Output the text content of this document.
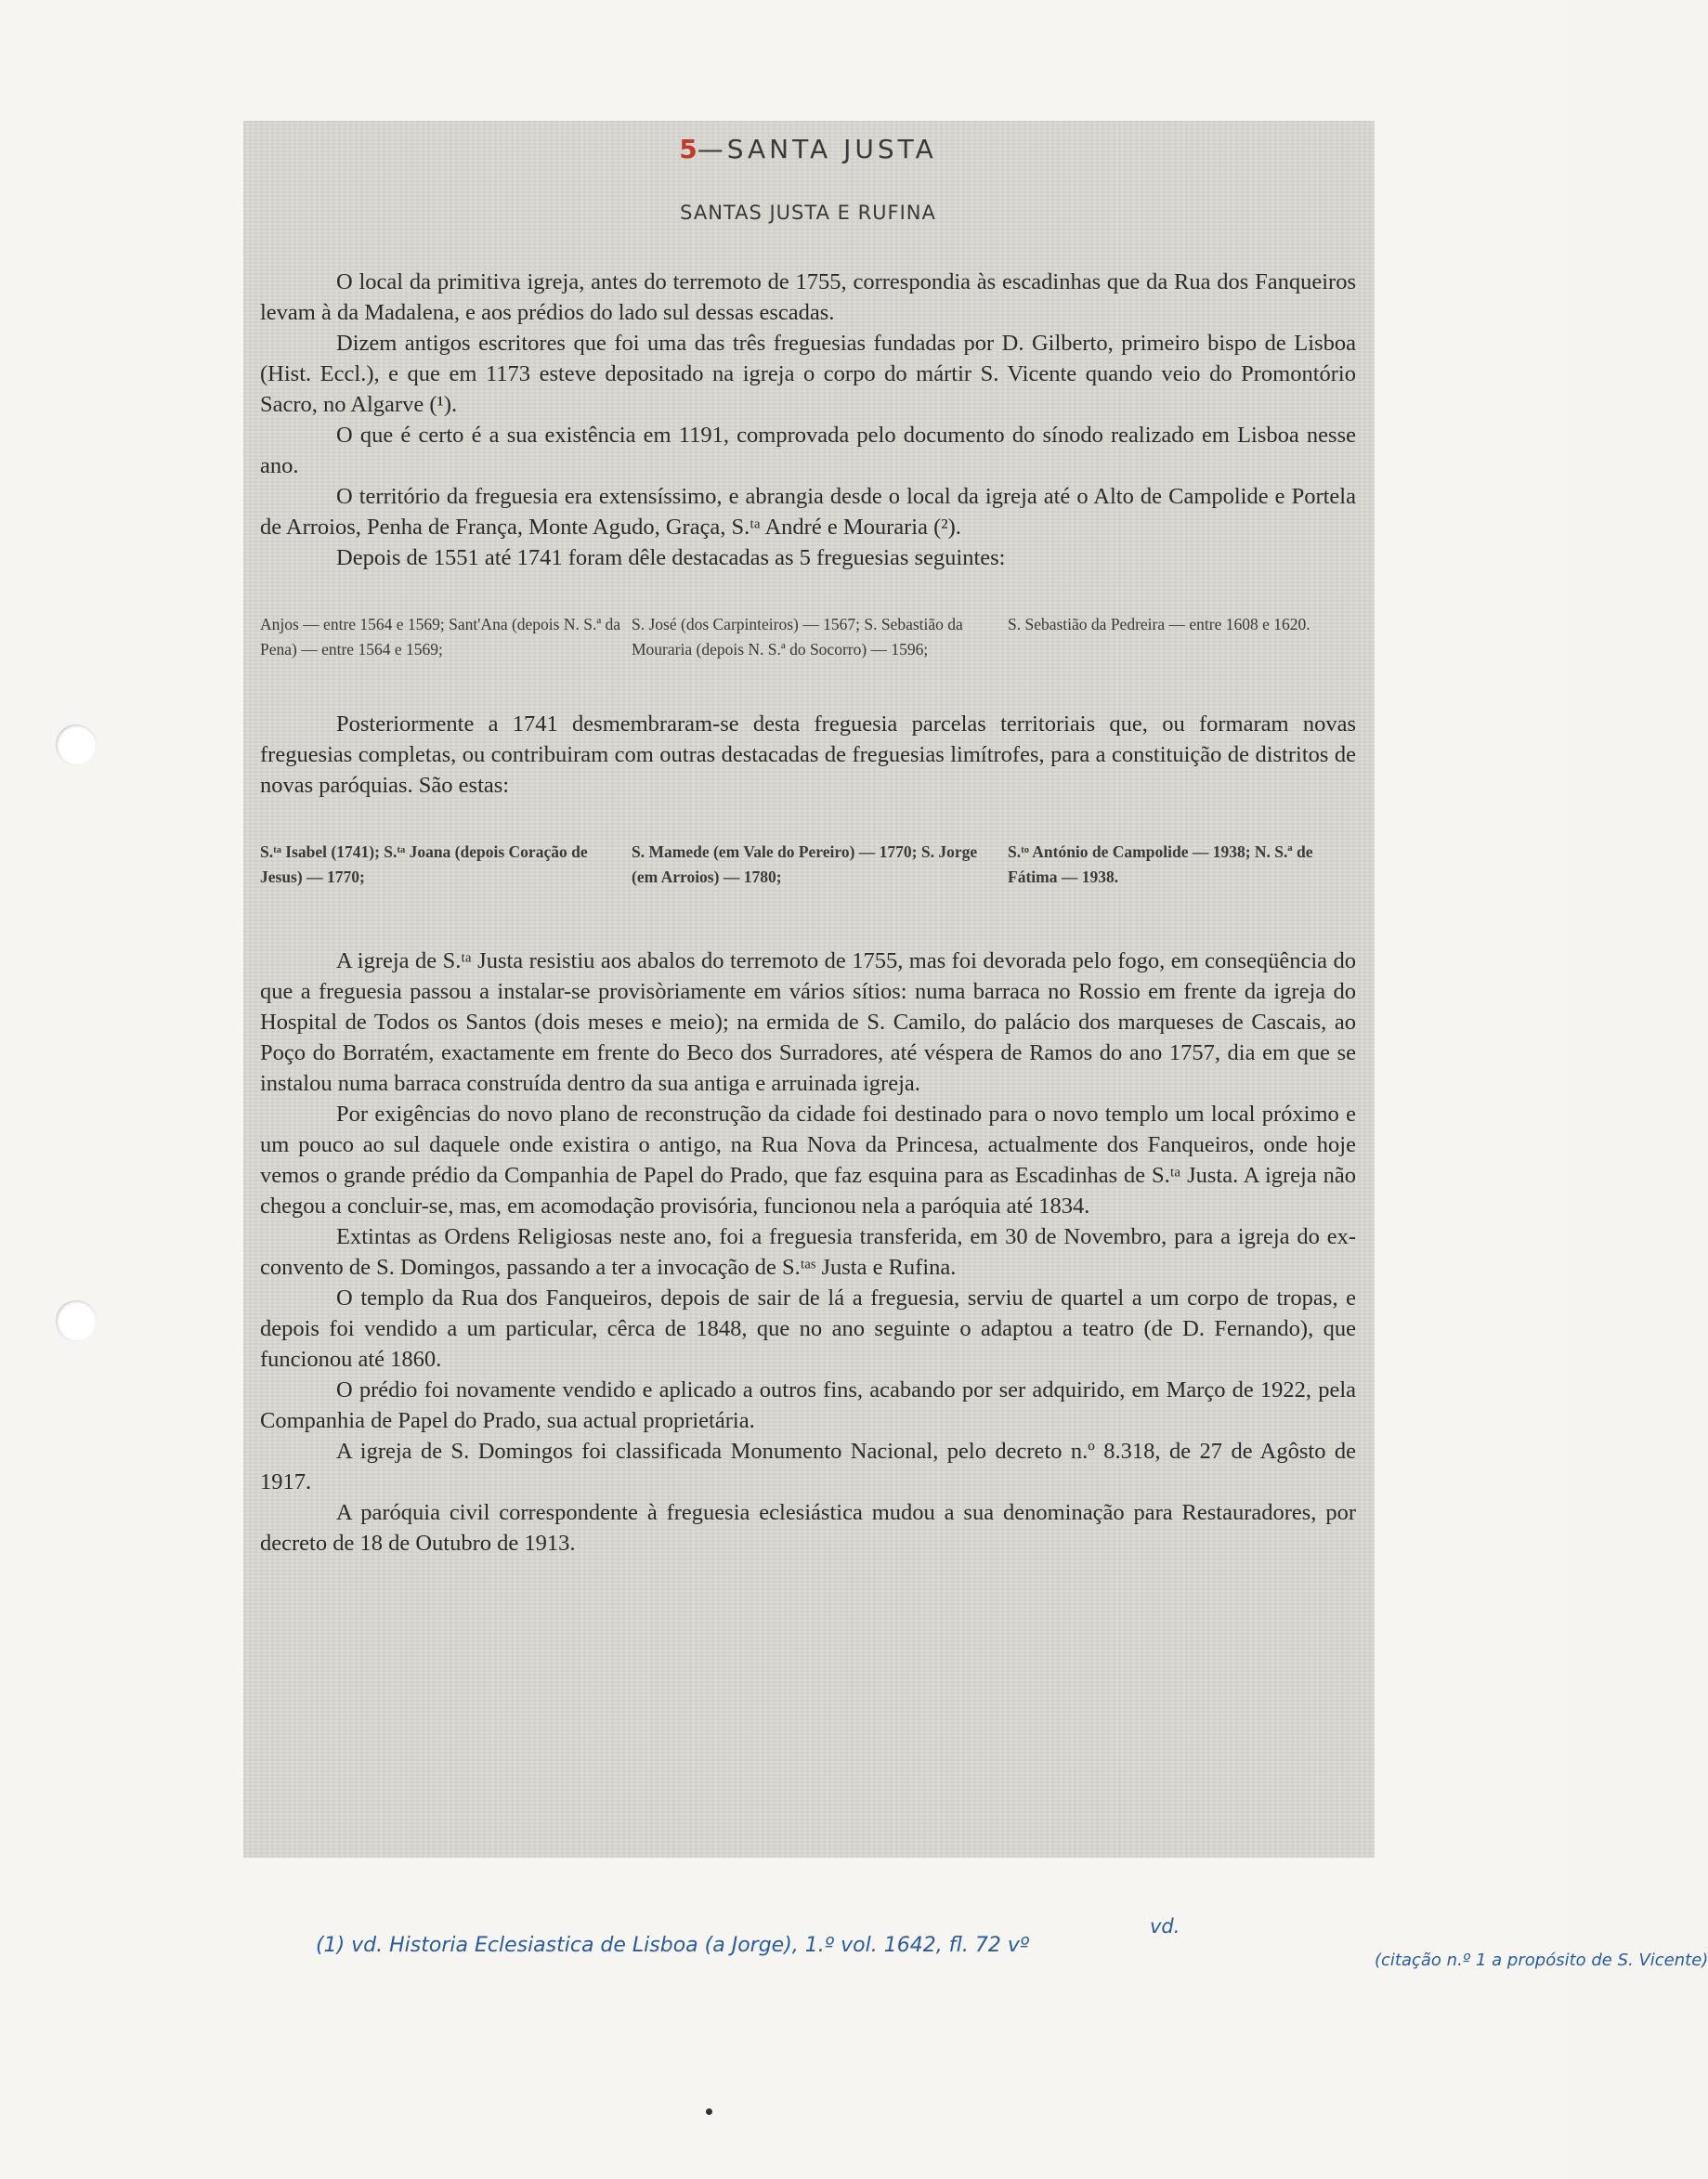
5—SANTA JUSTA
SANTAS JUSTA E RUFINA

O local da primitiva igreja, antes do terremoto de 1755, correspondia às escadinhas que da Rua dos Fanqueiros levam à da Madalena, e aos prédios do lado sul dessas escadas.

Dizem antigos escritores que foi uma das três freguesias fundadas por D. Gilberto, primeiro bispo de Lisboa (Hist. Eccl.), e que em 1173 esteve depositado na igreja o corpo do mártir S. Vicente quando veio do Promontório Sacro, no Algarve (¹).

O que é certo é a sua existência em 1191, comprovada pelo documento do sínodo realizado em Lisboa nesse ano.

O território da freguesia era extensíssimo, e abrangia desde o local da igreja até o Alto de Campolide e Portela de Arroios, Penha de França, Monte Agudo, Graça, S.ᵗᵃ André e Mouraria (²).

Depois de 1551 até 1741 foram dêle destacadas as 5 freguesias seguintes:

Anjos — entre 1564 e 1569; Sant'Ana (depois N. S.ª da Pena) — entre 1564 e 1569;
S. José (dos Carpinteiros) — 1567; S. Sebastião da Mouraria (depois N. S.ª do Socorro) — 1596;
S. Sebastião da Pedreira — entre 1608 e 1620.

Posteriormente a 1741 desmembraram-se desta freguesia parcelas territoriais que, ou formaram novas freguesias completas, ou contribuiram com outras destacadas de freguesias limítrofes, para a constituição de distritos de novas paróquias. São estas:

S.ᵗᵃ Isabel (1741); S.ᵗᵃ Joana (depois Coração de Jesus) — 1770;
S. Mamede (em Vale do Pereiro) — 1770; S. Jorge (em Arroios) — 1780;
S.ᵗᵒ António de Campolide — 1938; N. S.ª de Fátima — 1938.

A igreja de S.ᵗᵃ Justa resistiu aos abalos do terremoto de 1755, mas foi devorada pelo fogo, em conseqüência do que a freguesia passou a instalar-se provisòriamente em vários sítios: numa barraca no Rossio em frente da igreja do Hospital de Todos os Santos (dois meses e meio); na ermida de S. Camilo, do palácio dos marqueses de Cascais, ao Poço do Borratém, exactamente em frente do Beco dos Surradores, até véspera de Ramos do ano 1757, dia em que se instalou numa barraca construída dentro da sua antiga e arruinada igreja.

Por exigências do novo plano de reconstrução da cidade foi destinado para o novo templo um local próximo e um pouco ao sul daquele onde existira o antigo, na Rua Nova da Princesa, actualmente dos Fanqueiros, onde hoje vemos o grande prédio da Companhia de Papel do Prado, que faz esquina para as Escadinhas de S.ᵗᵃ Justa. A igreja não chegou a concluir-se, mas, em acomodação provisória, funcionou nela a paróquia até 1834.

Extintas as Ordens Religiosas neste ano, foi a freguesia transferida, em 30 de Novembro, para a igreja do ex-convento de S. Domingos, passando a ter a invocação de S.ᵗᵃˢ Justa e Rufina.

O templo da Rua dos Fanqueiros, depois de sair de lá a freguesia, serviu de quartel a um corpo de tropas, e depois foi vendido a um particular, cêrca de 1848, que no ano seguinte o adaptou a teatro (de D. Fernando), que funcionou até 1860.

O prédio foi novamente vendido e aplicado a outros fins, acabando por ser adquirido, em Março de 1922, pela Companhia de Papel do Prado, sua actual proprietária.

A igreja de S. Domingos foi classificada Monumento Nacional, pelo decreto n.º 8.318, de 27 de Agôsto de 1917.

A paróquia civil correspondente à freguesia eclesiástica mudou a sua denominação para Restauradores, por decreto de 18 de Outubro de 1913.

(1) vd. Historia Eclesiastica de Lisboa (a Jorge), 1.º vol. 1642, fl. 72 vº
vd.
(citação n.º 1 a propósito de S. Vicente)
